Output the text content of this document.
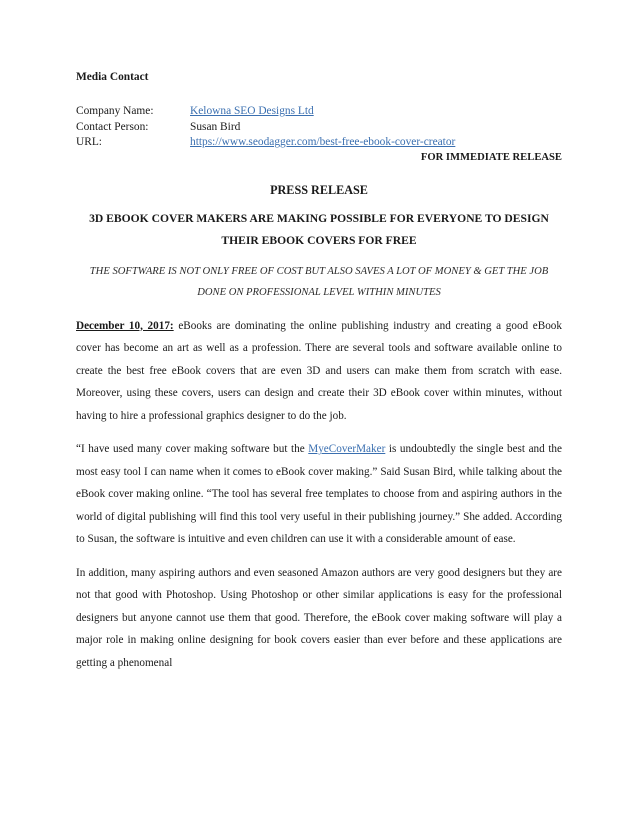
Media Contact
Company Name:	Kelowna SEO Designs Ltd
Contact Person:	Susan Bird
URL:	https://www.seodagger.com/best-free-ebook-cover-creator
FOR IMMEDIATE RELEASE
PRESS RELEASE
3D EBOOK COVER MAKERS ARE MAKING POSSIBLE FOR EVERYONE TO DESIGN THEIR EBOOK COVERS FOR FREE
THE SOFTWARE IS NOT ONLY FREE OF COST BUT ALSO SAVES A LOT OF MONEY & GET THE JOB DONE ON PROFESSIONAL LEVEL WITHIN MINUTES

December 10, 2017: eBooks are dominating the online publishing industry and creating a good eBook cover has become an art as well as a profession. There are several tools and software available online to create the best free eBook covers that are even 3D and users can make them from scratch with ease. Moreover, using these covers, users can design and create their 3D eBook cover within minutes, without having to hire a professional graphics designer to do the job.

“I have used many cover making software but the MyeCoverMaker is undoubtedly the single best and the most easy tool I can name when it comes to eBook cover making.” Said Susan Bird, while talking about the eBook cover making online. “The tool has several free templates to choose from and aspiring authors in the world of digital publishing will find this tool very useful in their publishing journey.” She added. According to Susan, the software is intuitive and even children can use it with a considerable amount of ease.

In addition, many aspiring authors and even seasoned Amazon authors are very good designers but they are not that good with Photoshop. Using Photoshop or other similar applications is easy for the professional designers but anyone cannot use them that good. Therefore, the eBook cover making software will play a major role in making online designing for book covers easier than ever before and these applications are getting a phenomenal
